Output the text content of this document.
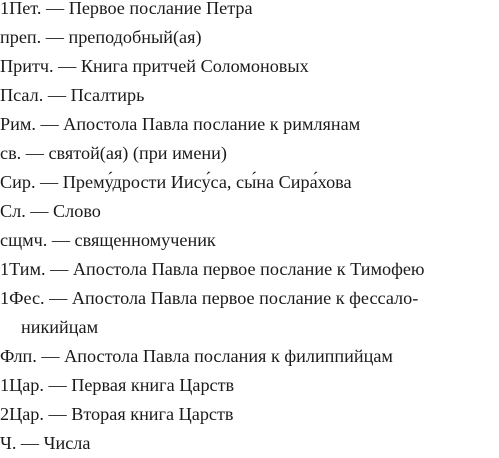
1Пет. — Первое послание Петра
преп. — преподобный(ая)
Притч. — Книга притчей Соломоновых
Псал. — Псалтирь
Рим. — Апостола Павла послание к римлянам
св. — святой(ая) (при имени)
Сир. — Прему́дрости Иису́са, сы́на Сира́хова
Сл. — Слово
сщмч. — священномученик
1Тим. — Апостола Павла первое послание к Тимофею
1Фес. — Апостола Павла первое послание к фессало-
никийцам
Флп. — Апостола Павла послания к филиппийцам
1Цар. — Первая книга Царств
2Цар. — Вторая книга Царств
Ч. — Числа
